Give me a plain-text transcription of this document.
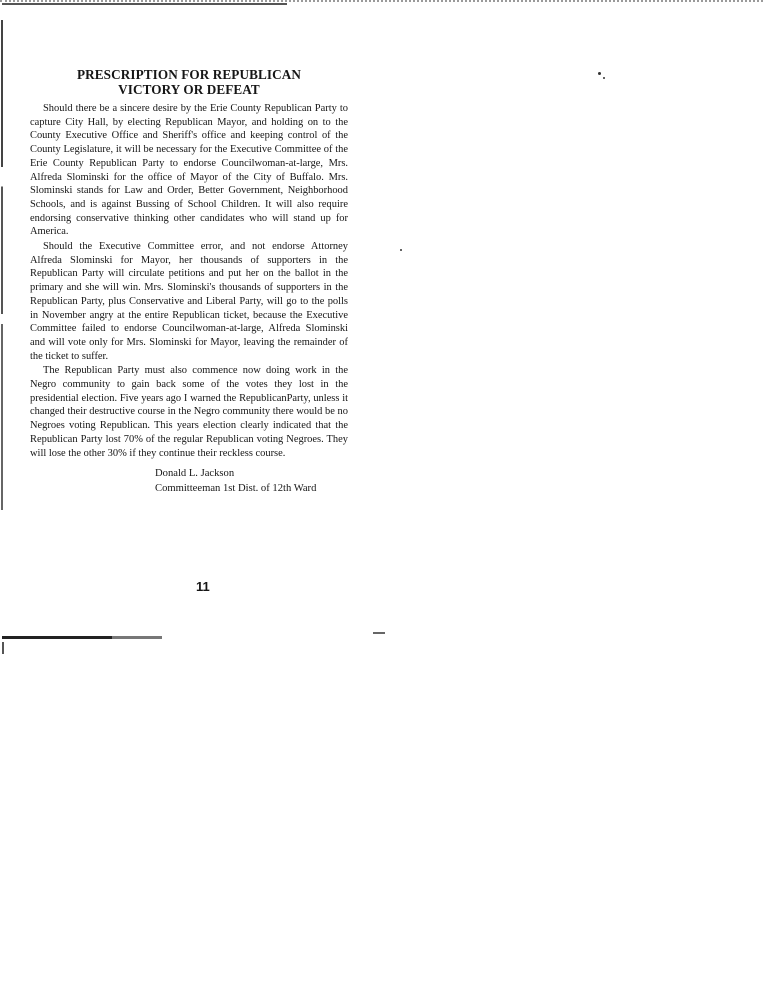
PRESCRIPTION FOR REPUBLICAN
VICTORY OR DEFEAT

Should there be a sincere desire by the Erie County Republican Party to capture City Hall, by electing Republican Mayor, and holding on to the County Executive Office and Sheriff's office and keeping control of the County Legislature, it will be necessary for the Executive Committee of the Erie County Republican Party to endorse Councilwoman-at-large, Mrs. Alfreda Slominski for the office of Mayor of the City of Buffalo. Mrs. Slominski stands for Law and Order, Better Government, Neighborhood Schools, and is against Bussing of School Children. It will also require endorsing conservative thinking other candidates who will stand up for America.

Should the Executive Committee error, and not endorse Attorney Alfreda Slominski for Mayor, her thousands of supporters in the Republican Party will circulate petitions and put her on the ballot in the primary and she will win. Mrs. Slominski's thousands of supporters in the Republican Party, plus Conservative and Liberal Party, will go to the polls in November angry at the entire Republican ticket, because the Executive Committee failed to endorse Councilwoman-at-large, Alfreda Slominski and will vote only for Mrs. Slominski for Mayor, leaving the remainder of the ticket to suffer.

The Republican Party must also commence now doing work in the Negro community to gain back some of the votes they lost in the presidential election. Five years ago I warned the RepublicanParty, unless it changed their destructive course in the Negro community there would be no Negroes voting Republican. This years election clearly indicated that the Republican Party lost 70% of the regular Republican voting Negroes. They will lose the other 30% if they continue their reckless course.

Donald L. Jackson
Committeeman 1st Dist. of 12th Ward
11
